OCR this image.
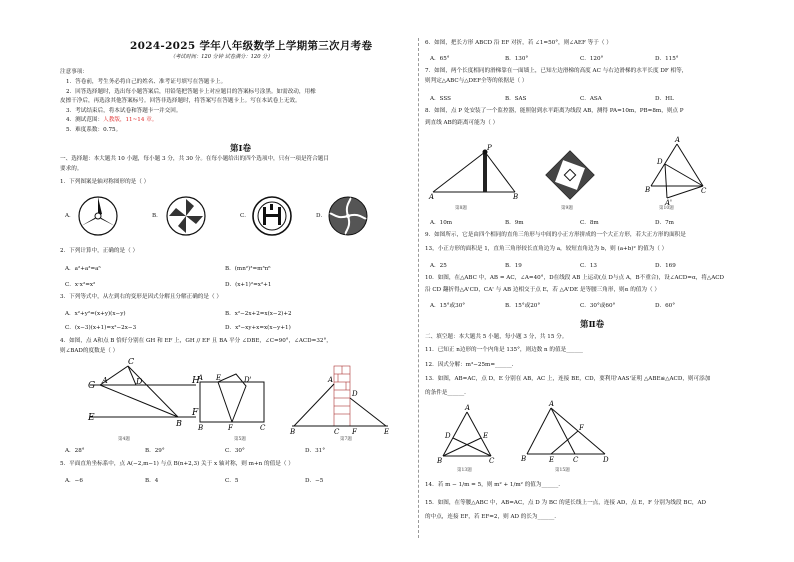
2024-2025 学年八年级数学上学期第三次月考卷
（考试时间：120 分钟 试卷满分：120 分）
注意事项：
1．答卷前，考生务必将自己的姓名、准考证号填写在答题卡上。
2．回答选择题时，选出每小题答案后，用铅笔把答题卡上对应题目的答案标号涂黑。如需改动，用橡
皮擦干净后，再选涂其他答案标号。回答非选择题时，将答案写在答题卡上。写在本试卷上无效。
3．考试结束后，将本试卷和答题卡一并交回。
4．测试范围：人教版，11~14 章。
5．难度系数：0.75。
第Ⅰ卷
一、选择题：本大题共 10 小题，每小题 3 分，共 30 分。在每小题给出的四个选项中，只有一项是符合题目
要求的。
1．下列图案是轴对称图形的是（ ）
A．	B．	C．	D．
2．下列计算中，正确的是（ ）
A．a²+a³=a⁵	B．(mn²)³=m³n⁶
C．x·x²=x²	D．(x+1)²=x²+1
3．下列等式中，从左到右的变形是因式分解且分解正确的是（ ）
A．x²+y²=(x+y)(x−y)	B．x²−2x+2=x(x−2)+2
C．(x−3)(x+1)=x²−2x−3	D．x²−xy+x=x(x−y+1)
4．如图，点 A和点 B 恰好分别在 GH 和 EF 上，GH // EF 且 BA 平分 ∠DBE，∠C=90°，∠ACD=32°，
则∠BAD的度数是（ ）
G	H
E	F
C
D
A
B
第4题
A E
F
B	C
D'
第5题
B
A
C F	E
D
第7题
A．28°	B．29°	C．30°	D．31°
5．平面直角坐标系中，点 A(−2,m−1) 与点 B(n+2,3) 关于 x 轴对称，则 m+n 的值是（ ）
A．−6	B．4	C．5	D．−5
6．如图，把长方形 ABCD 沿 EF 对折，若 ∠1=50°，则∠AEF 等于（ ）
A．65°	B．130°	C．120°	D．115°
7．如图，两个长度相同的滑梯靠在一面墙上，已知左边滑梯的高度 AC 与右边滑梯的水平长度 DF 相等，
则判定△ABC与△DEF全等的依据是（ ）
A．SSS	B．SAS	C．ASA	D．HL
8．如图，点 P 处安装了一个监控器，能照射到水平距离为线段 AB，测得 PA=10m，PB=8m，则点 P
到直线 AB的距离可能为（ ）
A	B
P
第8题	第9题
A
D
B	C
A'
第10题
A．10m	B．9m	C．8m	D．7m
9．如图所示，它是由四个相同的直角三角形与中间的小正方形拼成的一个大正方形，若大正方形的面积是
13，小正方形的面积是 1，直角三角形较长直角边为 a，较短直角边为 b，则 (a+b)² 的值为（ ）
A．25	B．19	C．13	D．169
10．如图，在△ABC 中，AB = AC，∠A=40°，D在线段 AB 上运动(点 D与点 A，B不重合)，设∠ACD=α，将△ACD
沿 CD 翻折得△A'CD，CA' 与 AB 边相交于点 E，若 △A'DE 是等腰三角形，则α 的值为（ ）
A．15°或30°	B．15°或20°	C．30°或60°	D．60°
第Ⅱ卷
二、填空题：本大题共 5 小题，每小题 3 分，共 15 分。
11．已知正 n边形的一个内角是 135°，则边数 n 的值是______
12．因式分解：m³−25m=______.
13．如图，AB=AC，点 D，E 分别在 AB，AC 上，连接 BE，CD，要利用'AAS'证明 △ABE≌△ACD，则可添加
的条件是______.
A
D	E
B	C
第13题
A
B	E	C	D
F
第15题
14．若 m − 1/m = 5，则 m² + 1/m² 的值为______.
15．如图，在等腰△ABC 中，AB=AC，点 D 为 BC 的延长线上一点，连接 AD，点 E，F 分别为线段 BC，AD
的中点，连接 EF，若 EF=2，则 AD 的长为______.
